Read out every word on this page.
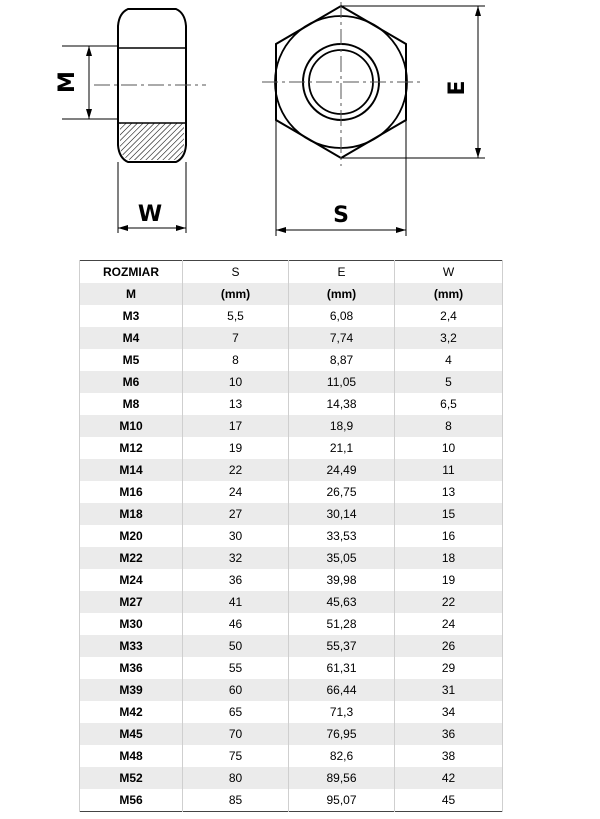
M
W	S
E
ROZMIAR	S	E	W
M	(mm)	(mm)	(mm)
M3	5,5	6,08	2,4
M4	7	7,74	3,2
M5	8	8,87	4
M6	10	11,05	5
M8	13	14,38	6,5
M10	17	18,9	8
M12	19	21,1	10
M14	22	24,49	11
M16	24	26,75	13
M18	27	30,14	15
M20	30	33,53	16
M22	32	35,05	18
M24	36	39,98	19
M27	41	45,63	22
M30	46	51,28	24
M33	50	55,37	26
M36	55	61,31	29
M39	60	66,44	31
M42	65	71,3	34
M45	70	76,95	36
M48	75	82,6	38
M52	80	89,56	42
M56	85	95,07	45
